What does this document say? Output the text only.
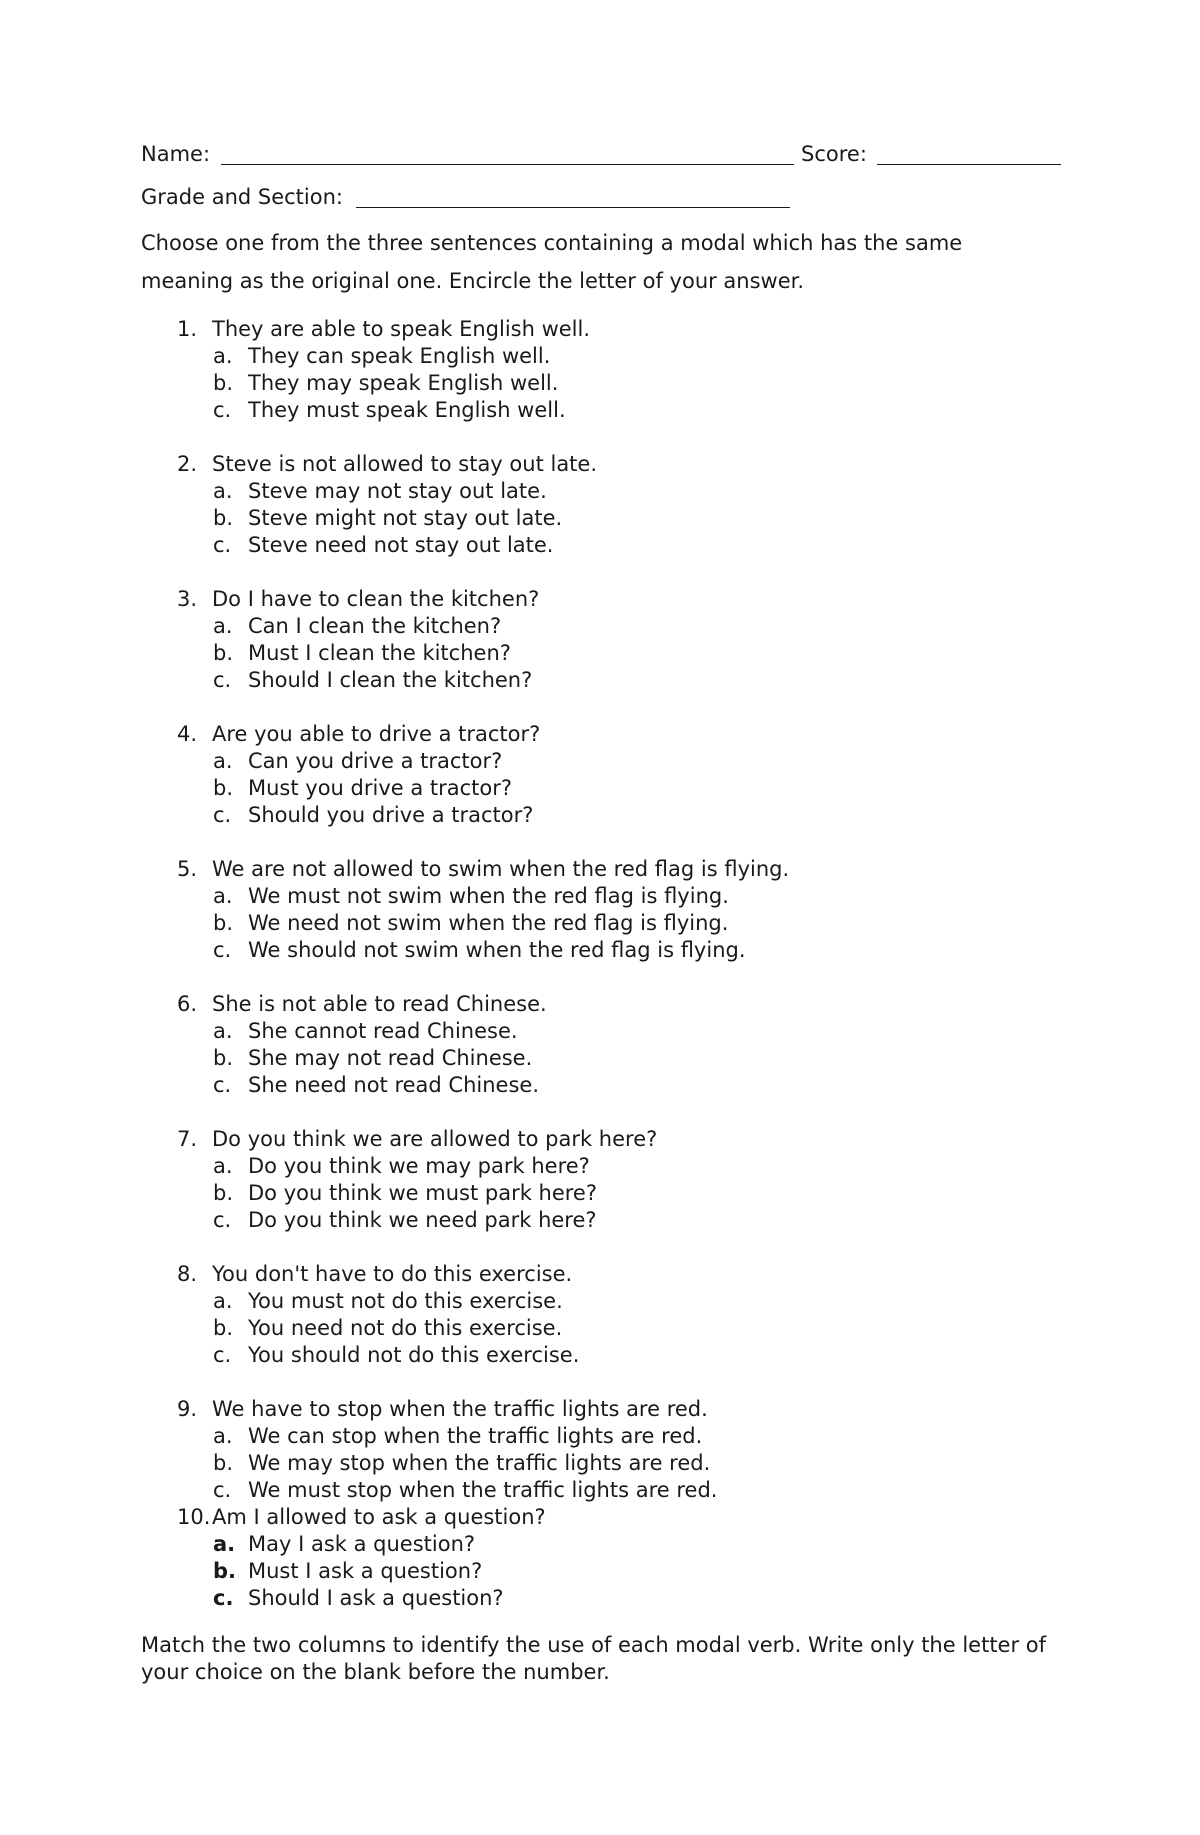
Name:	Score:
Grade and Section:
Choose one from the three sentences containing a modal which has the same meaning as the original one. Encircle the letter of your answer.
1. They are able to speak English well.
a. They can speak English well.
b. They may speak English well.
c. They must speak English well.
2. Steve is not allowed to stay out late.
a. Steve may not stay out late.
b. Steve might not stay out late.
c. Steve need not stay out late.
3. Do I have to clean the kitchen?
a. Can I clean the kitchen?
b. Must I clean the kitchen?
c. Should I clean the kitchen?
4. Are you able to drive a tractor?
a. Can you drive a tractor?
b. Must you drive a tractor?
c. Should you drive a tractor?
5. We are not allowed to swim when the red flag is flying.
a. We must not swim when the red flag is flying.
b. We need not swim when the red flag is flying.
c. We should not swim when the red flag is flying.
6. She is not able to read Chinese.
a. She cannot read Chinese.
b. She may not read Chinese.
c. She need not read Chinese.
7. Do you think we are allowed to park here?
a. Do you think we may park here?
b. Do you think we must park here?
c. Do you think we need park here?
8. You don't have to do this exercise.
a. You must not do this exercise.
b. You need not do this exercise.
c. You should not do this exercise.
9. We have to stop when the traffic lights are red.
a. We can stop when the traffic lights are red.
b. We may stop when the traffic lights are red.
c. We must stop when the traffic lights are red.
10. Am I allowed to ask a question?
a. May I ask a question?
b. Must I ask a question?
c. Should I ask a question?
Match the two columns to identify the use of each modal verb. Write only the letter of your choice on the blank before the number.
